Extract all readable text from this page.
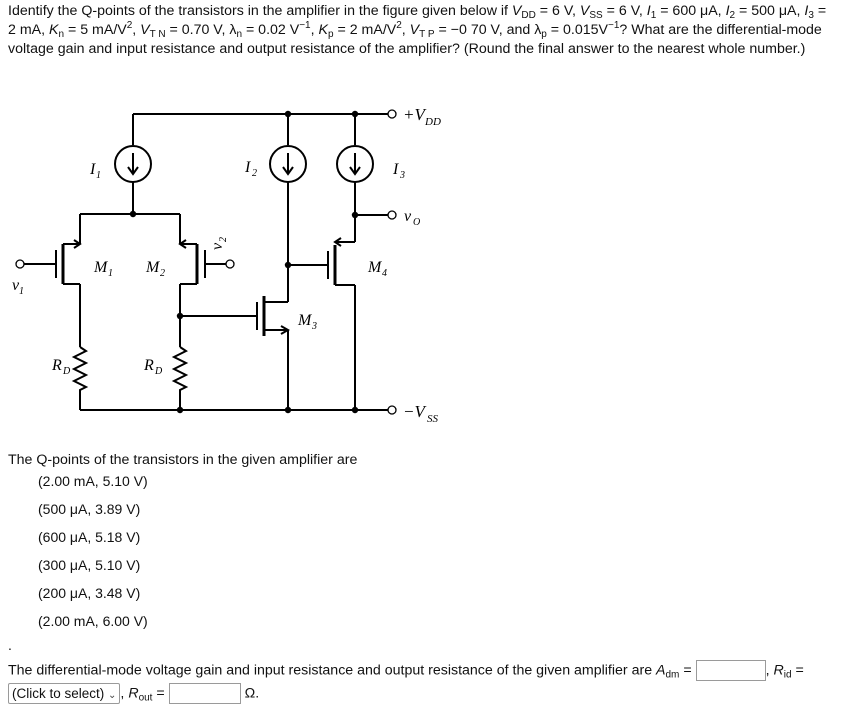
Identify the Q-points of the transistors in the amplifier in the figure given below if $V_{DD} = 6$ V, $V_{SS} = 6$ V, $I_1 = 600$ μA, $I_2 = 500$ μA, $I_3 = 2$ mA, $K_n = 5$ $mA/V^2$, $V_{T N} = 0.70$ V, $\lambda_n = 0.02$ $V^{-1}$, $K_p = 2$ $mA/V^2$, $V_{T P} = -0$ 70 V, and $\lambda_p = 0.015V^{-1}$? What are the differential-mode voltage gain and input resistance and output resistance of the amplifier? (Round the final answer to the nearest whole number.)
+V DD
I 1	I 2	I 3
v O
v 1
M 1 M 2
v
2
M 3
M 4
R D	R D
−V SS
The Q-points of the transistors in the given amplifier are
(2.00 mA, 5.10 V)
(500 μA, 3.89 V)
(600 μA, 5.18 V)
(300 μA, 5.10 V)
(200 μA, 3.48 V)
(2.00 mA, 6.00 V)
.
The differential-mode voltage gain and input resistance and output resistance of the given amplifier are $A_{dm}$ =	, $R_{id}$ =
(Click to select) ⌄ , $R_{out}$ =	Ω.
